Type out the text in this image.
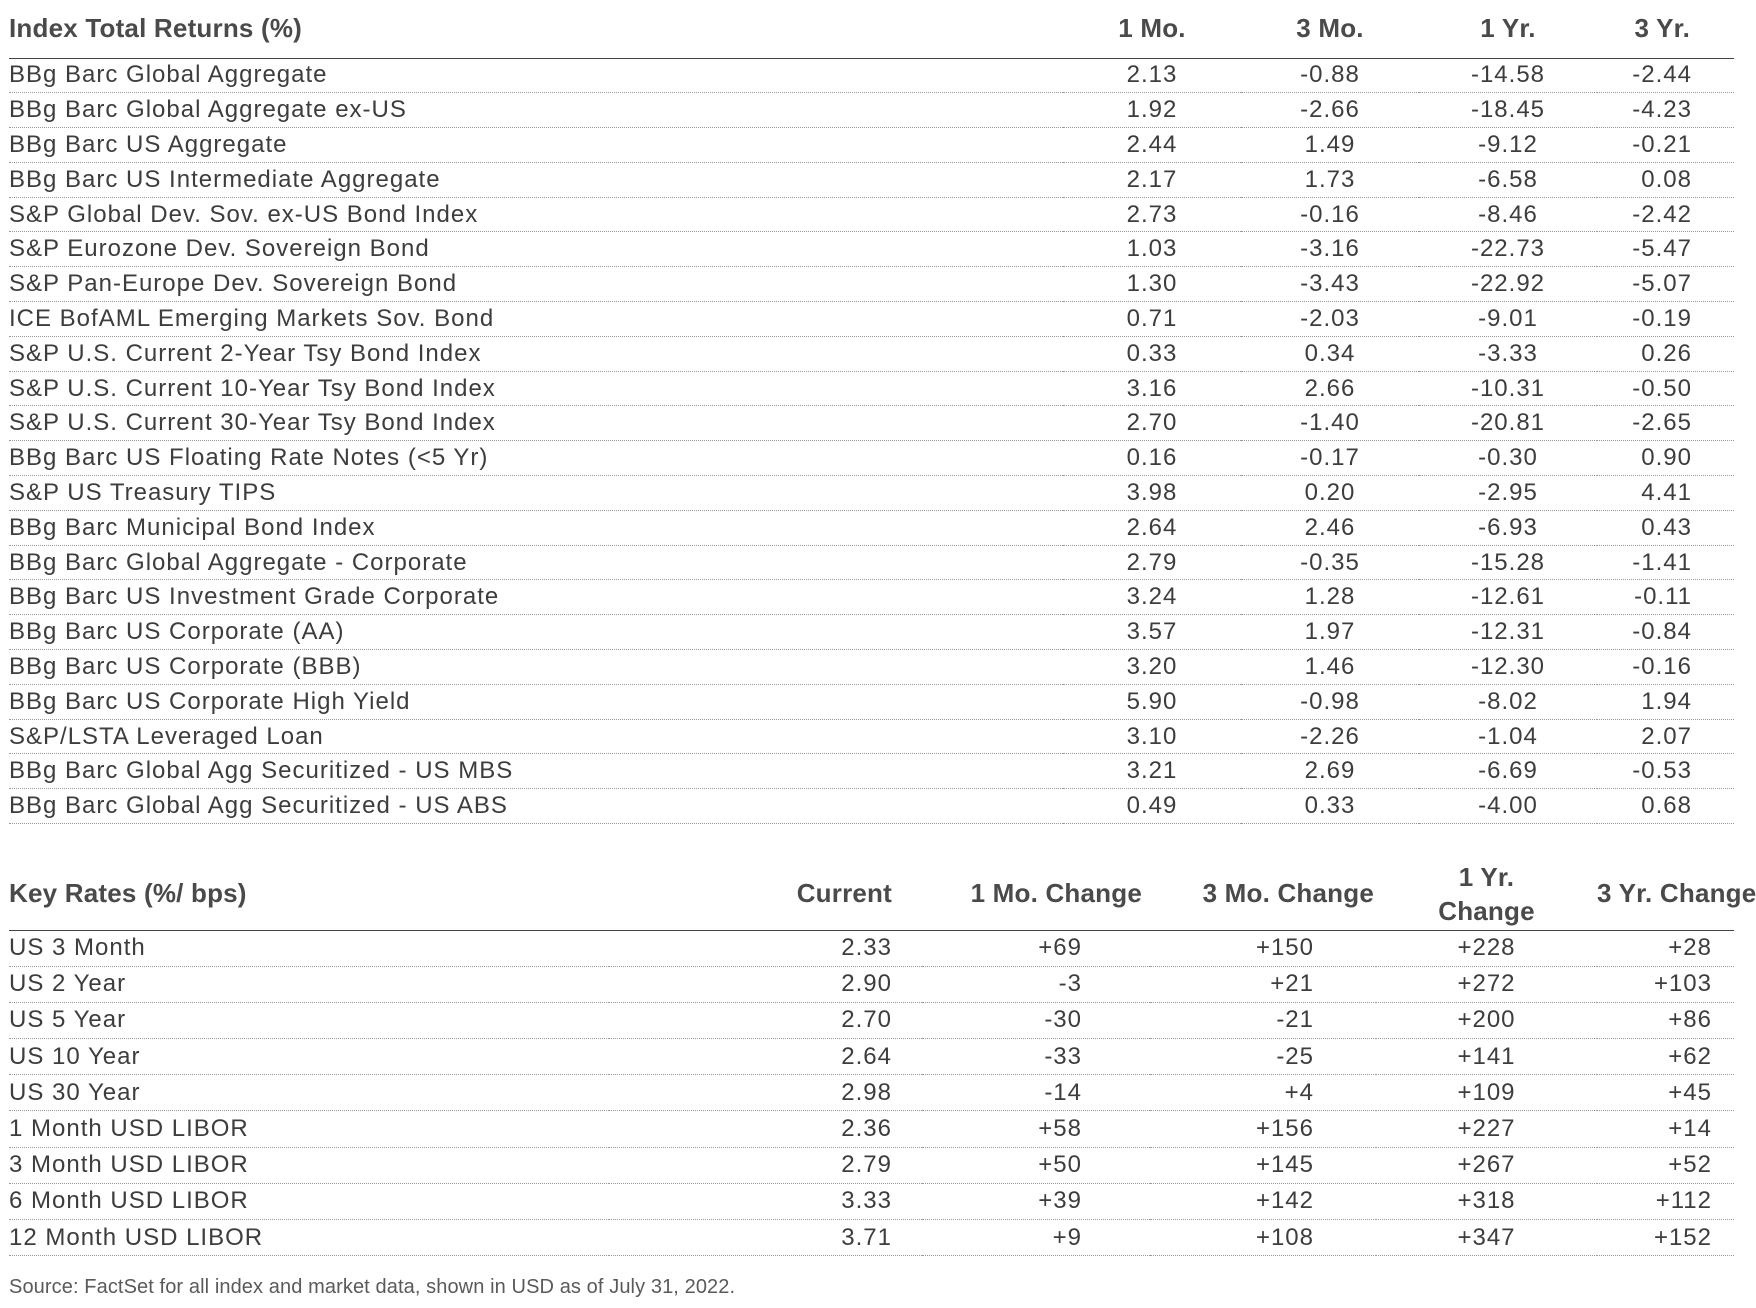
Index Total Returns (%)	1 Mo.	3 Mo.	1 Yr.	3 Yr.
BBg Barc Global Aggregate	2.13	-0.88	-14.58	-2.44
BBg Barc Global Aggregate ex-US	1.92	-2.66	-18.45	-4.23
BBg Barc US Aggregate	2.44	1.49	-9.12	-0.21
BBg Barc US Intermediate Aggregate	2.17	1.73	-6.58	0.08
S&P Global Dev. Sov. ex-US Bond Index	2.73	-0.16	-8.46	-2.42
S&P Eurozone Dev. Sovereign Bond	1.03	-3.16	-22.73	-5.47
S&P Pan-Europe Dev. Sovereign Bond	1.30	-3.43	-22.92	-5.07
ICE BofAML Emerging Markets Sov. Bond	0.71	-2.03	-9.01	-0.19
S&P U.S. Current 2-Year Tsy Bond Index	0.33	0.34	-3.33	0.26
S&P U.S. Current 10-Year Tsy Bond Index	3.16	2.66	-10.31	-0.50
S&P U.S. Current 30-Year Tsy Bond Index	2.70	-1.40	-20.81	-2.65
BBg Barc US Floating Rate Notes (<5 Yr)	0.16	-0.17	-0.30	0.90
S&P US Treasury TIPS	3.98	0.20	-2.95	4.41
BBg Barc Municipal Bond Index	2.64	2.46	-6.93	0.43
BBg Barc Global Aggregate - Corporate	2.79	-0.35	-15.28	-1.41
BBg Barc US Investment Grade Corporate	3.24	1.28	-12.61	-0.11
BBg Barc US Corporate (AA)	3.57	1.97	-12.31	-0.84
BBg Barc US Corporate (BBB)	3.20	1.46	-12.30	-0.16
BBg Barc US Corporate High Yield	5.90	-0.98	-8.02	1.94
S&P/LSTA Leveraged Loan	3.10	-2.26	-1.04	2.07
BBg Barc Global Agg Securitized - US MBS	3.21	2.69	-6.69	-0.53
BBg Barc Global Agg Securitized - US ABS	0.49	0.33	-4.00	0.68
Key Rates (%/ bps)	Current	1 Mo. Change	3 Mo. Change	1 Yr. Change	3 Yr. Change
US 3 Month	2.33	+69	+150	+228	+28
US 2 Year	2.90	-3	+21	+272	+103
US 5 Year	2.70	-30	-21	+200	+86
US 10 Year	2.64	-33	-25	+141	+62
US 30 Year	2.98	-14	+4	+109	+45
1 Month USD LIBOR	2.36	+58	+156	+227	+14
3 Month USD LIBOR	2.79	+50	+145	+267	+52
6 Month USD LIBOR	3.33	+39	+142	+318	+112
12 Month USD LIBOR	3.71	+9	+108	+347	+152
Source: FactSet for all index and market data, shown in USD as of July 31, 2022.
